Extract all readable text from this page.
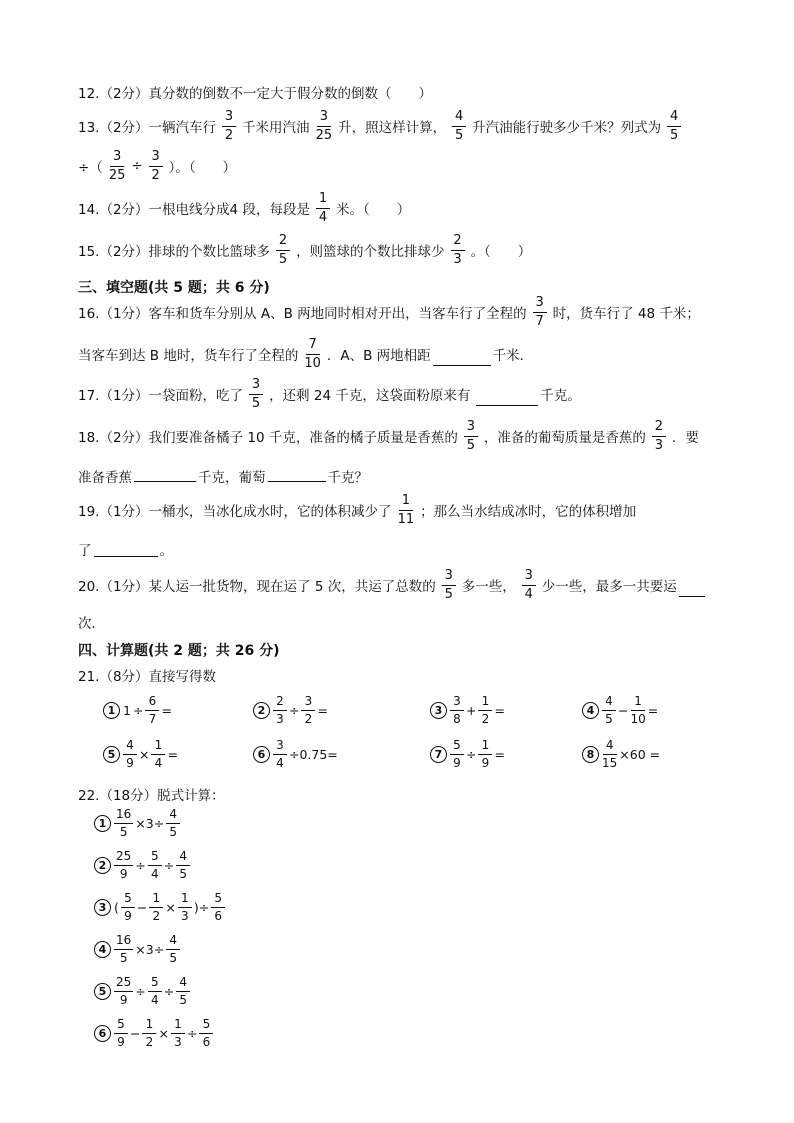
12.（2分）真分数的倒数不一定大于假分数的倒数（　　）
13.（2分）一辆汽车行 $\frac{3}{2}$ 千米用汽油 $\frac{3}{25}$ 升，照这样计算， $\frac{4}{5}$ 升汽油能行驶多少千米？列式为 $\frac{4}{5}$
÷（ $\frac{3}{25} \div \frac{3}{2}$ ）。（　　）
14.（2分）一根电线分成4 段，每段是 $\frac{1}{4}$ 米。（　　）
15.（2分）排球的个数比篮球多 $\frac{2}{5}$ ，则篮球的个数比排球少 $\frac{2}{3}$ 。（　　）
三、填空题(共 5 题；共 6 分)
16.（1分）客车和货车分别从 A、B 两地同时相对开出，当客车行了全程的 $\frac{3}{7}$ 时，货车行了 48 千米；
当客车到达 B 地时，货车行了全程的 $\frac{7}{10}$ ．A、B 两地相距	千米．
17.（1分）一袋面粉，吃了 $\frac{3}{5}$ ，还剩 24 千克，这袋面粉原来有	千克。
18.（2分）我们要准备橘子 10 千克，准备的橘子质量是香蕉的 $\frac{3}{5}$ ，准备的葡萄质量是香蕉的 $\frac{2}{3}$ ．要
准备香蕉	千克，葡萄	千克？
19.（1分）一桶水，当冰化成水时，它的体积减少了 $\frac{1}{11}$ ；那么当水结成冰时，它的体积增加
了	。
20.（1分）某人运一批货物，现在运了 5 次，共运了总数的 $\frac{3}{5}$ 多一些， $\frac{3}{4}$ 少一些，最多一共要运
次．
四、计算题(共 2 题；共 26 分)
21.（8分）直接写得数
22.（18分）脱式计算：
1 $1 \div \frac{6}{7}$ =	$2 \frac{2}{3} \div \frac{3}{2}$ =	$3 \frac{3}{8} + \frac{1}{2}$ =	$4 \frac{4}{5} - \frac{1}{10}$ =
$5 \frac{4}{9} \times \frac{1}{4}$ =	$6 \frac{3}{4} \div 0.75=$	$7 \frac{5}{9} \div \frac{1}{9}$ =	$8 \frac{4}{15} \times 60$ =
$1 \frac{16}{5} \times 3\div \frac{4}{5}$
$2 \frac{25}{9} \div \frac{5}{4} \div \frac{4}{5}$
3 ( $\frac{5}{9} - \frac{1}{2} \times \frac{1}{3}$ )÷ $\frac{5}{6}$
$4 \frac{16}{5} \times 3\div \frac{4}{5}$
$5 \frac{25}{9} \div \frac{5}{4} \div \frac{4}{5}$
$6 \frac{5}{9} - \frac{1}{2} \times \frac{1}{3} \div \frac{5}{6}$
